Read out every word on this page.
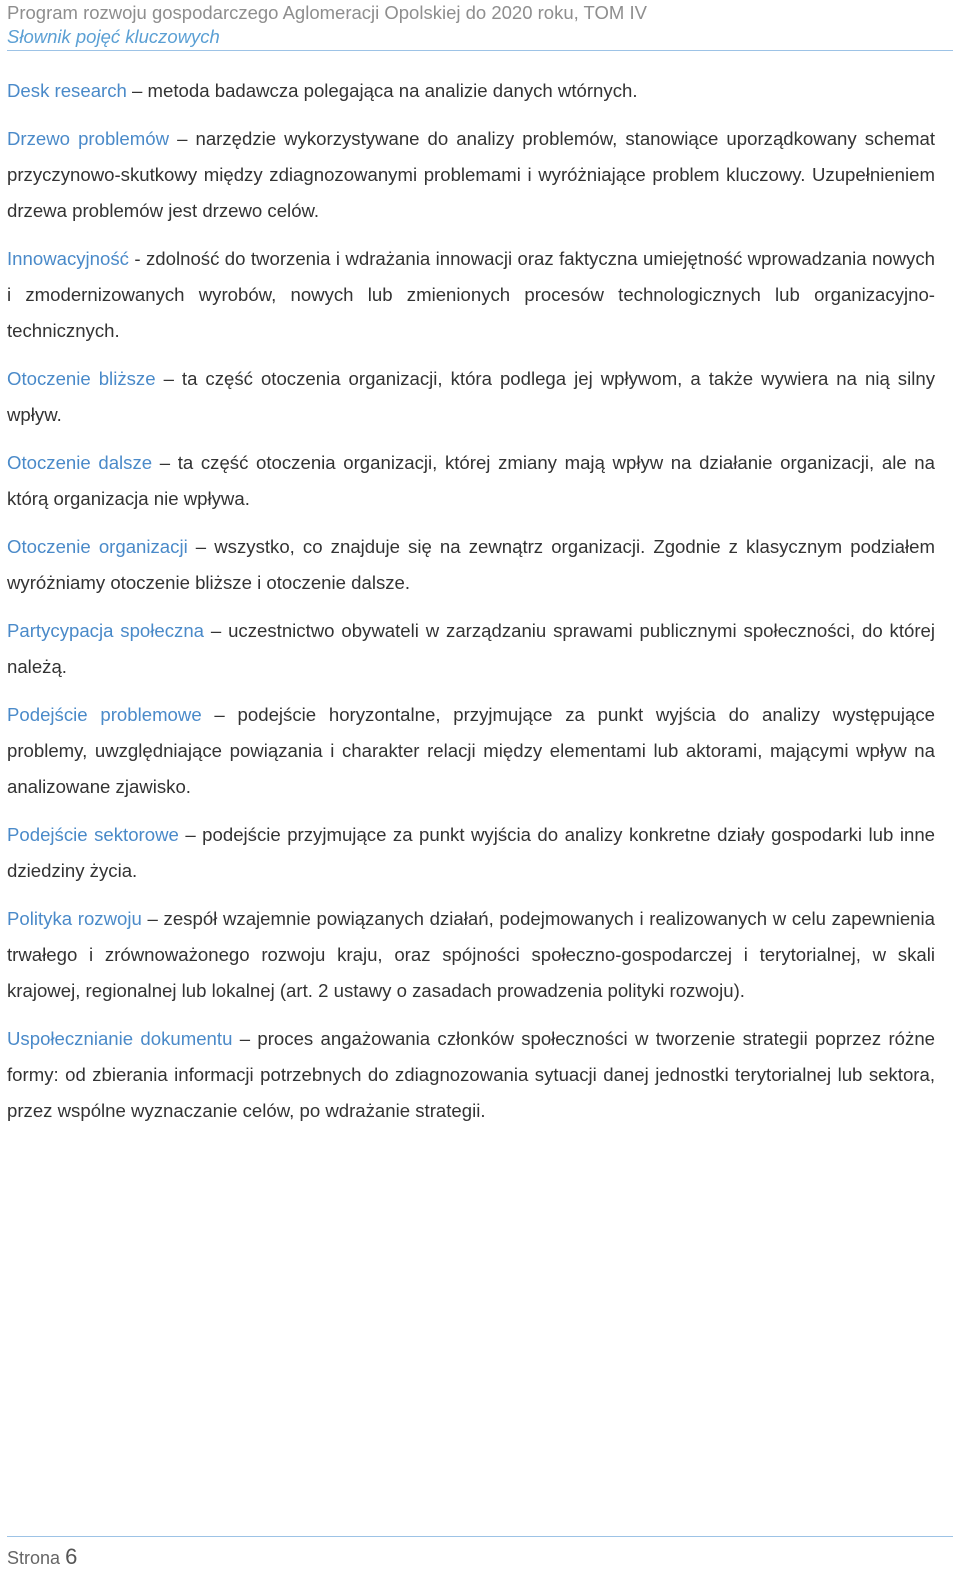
Program rozwoju gospodarczego Aglomeracji Opolskiej do 2020 roku, TOM IV
Słownik pojęć kluczowych

Desk research – metoda badawcza polegająca na analizie danych wtórnych.

Drzewo problemów – narzędzie wykorzystywane do analizy problemów, stanowiące uporządkowany schemat przyczynowo-skutkowy między zdiagnozowanymi problemami i wyróżniające problem kluczowy. Uzupełnieniem drzewa problemów jest drzewo celów.

Innowacyjność - zdolność do tworzenia i wdrażania innowacji oraz faktyczna umiejętność wprowadzania nowych i zmodernizowanych wyrobów, nowych lub zmienionych procesów technologicznych lub organizacyjno-technicznych.

Otoczenie bliższe – ta część otoczenia organizacji, która podlega jej wpływom, a także wywiera na nią silny wpływ.

Otoczenie dalsze – ta część otoczenia organizacji, której zmiany mają wpływ na działanie organizacji, ale na którą organizacja nie wpływa.

Otoczenie organizacji – wszystko, co znajduje się na zewnątrz organizacji. Zgodnie z klasycznym podziałem wyróżniamy otoczenie bliższe i otoczenie dalsze.

Partycypacja społeczna – uczestnictwo obywateli w zarządzaniu sprawami publicznymi społeczności, do której należą.

Podejście problemowe – podejście horyzontalne, przyjmujące za punkt wyjścia do analizy występujące problemy, uwzględniające powiązania i charakter relacji między elementami lub aktorami, mającymi wpływ na analizowane zjawisko.

Podejście sektorowe – podejście przyjmujące za punkt wyjścia do analizy konkretne działy gospodarki lub inne dziedziny życia.

Polityka rozwoju – zespół wzajemnie powiązanych działań, podejmowanych i realizowanych w celu zapewnienia trwałego i zrównoważonego rozwoju kraju, oraz spójności społeczno-gospodarczej i terytorialnej, w skali krajowej, regionalnej lub lokalnej (art. 2 ustawy o zasadach prowadzenia polityki rozwoju).

Uspołecznianie dokumentu – proces angażowania członków społeczności w tworzenie strategii poprzez różne formy: od zbierania informacji potrzebnych do zdiagnozowania sytuacji danej jednostki terytorialnej lub sektora, przez wspólne wyznaczanie celów, po wdrażanie strategii.

Strona 6
